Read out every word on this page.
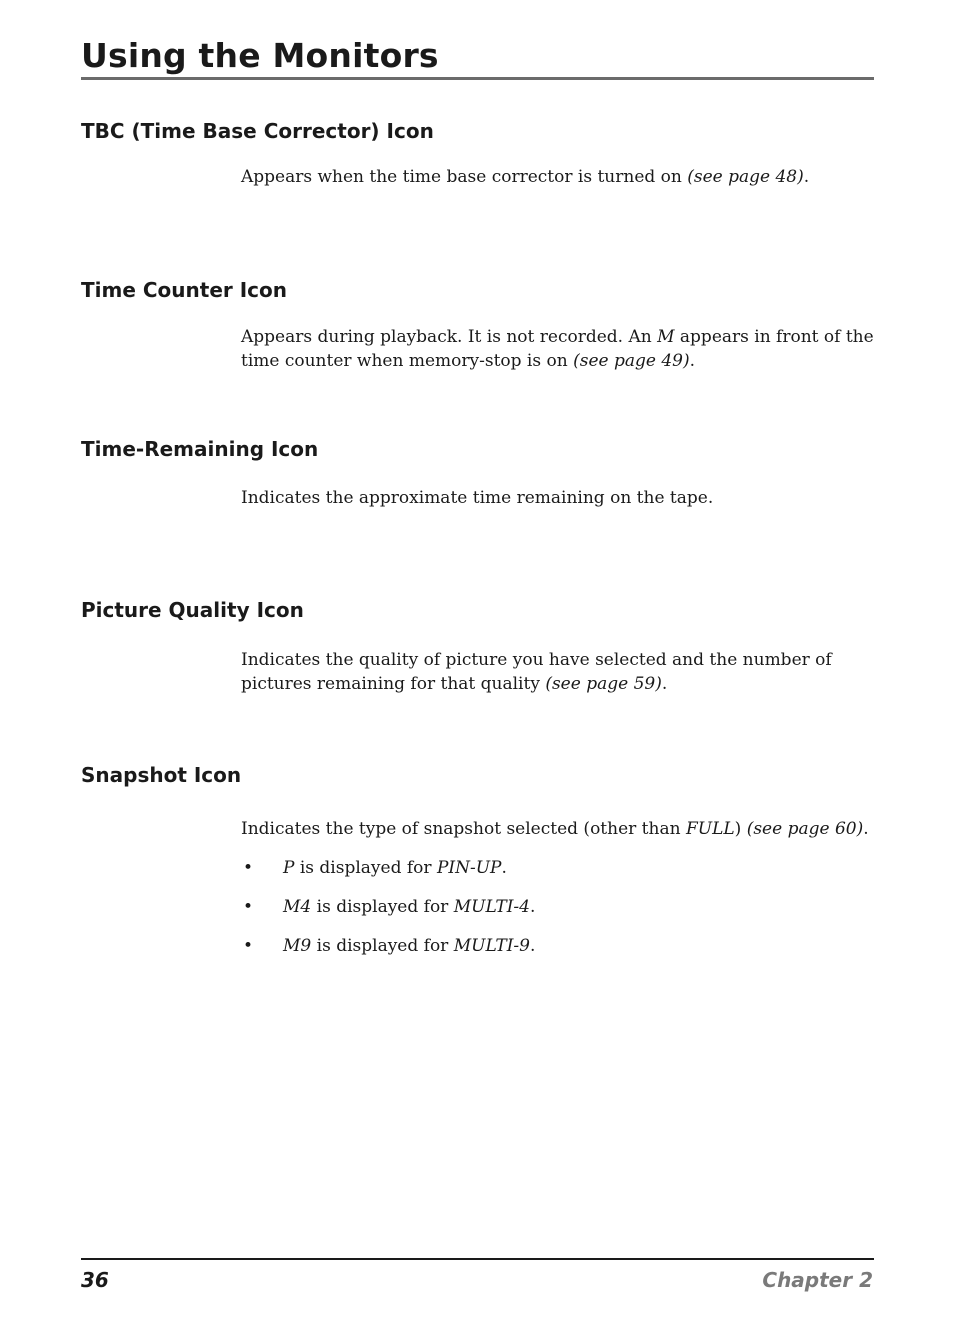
Using the Monitors
TBC (Time Base Corrector) Icon
Appears when the time base corrector is turned on (see page 48).
Time Counter Icon
Appears during playback. It is not recorded. An M appears in front of the time counter when memory-stop is on (see page 49).
Time-Remaining Icon
Indicates the approximate time remaining on the tape.
Picture Quality Icon
Indicates the quality of picture you have selected and the number of pictures remaining for that quality (see page 59).
Snapshot Icon
Indicates the type of snapshot selected (other than FULL) (see page 60).
• P is displayed for PIN-UP.
• M4 is displayed for MULTI-4.
• M9 is displayed for MULTI-9.
36	Chapter 2
